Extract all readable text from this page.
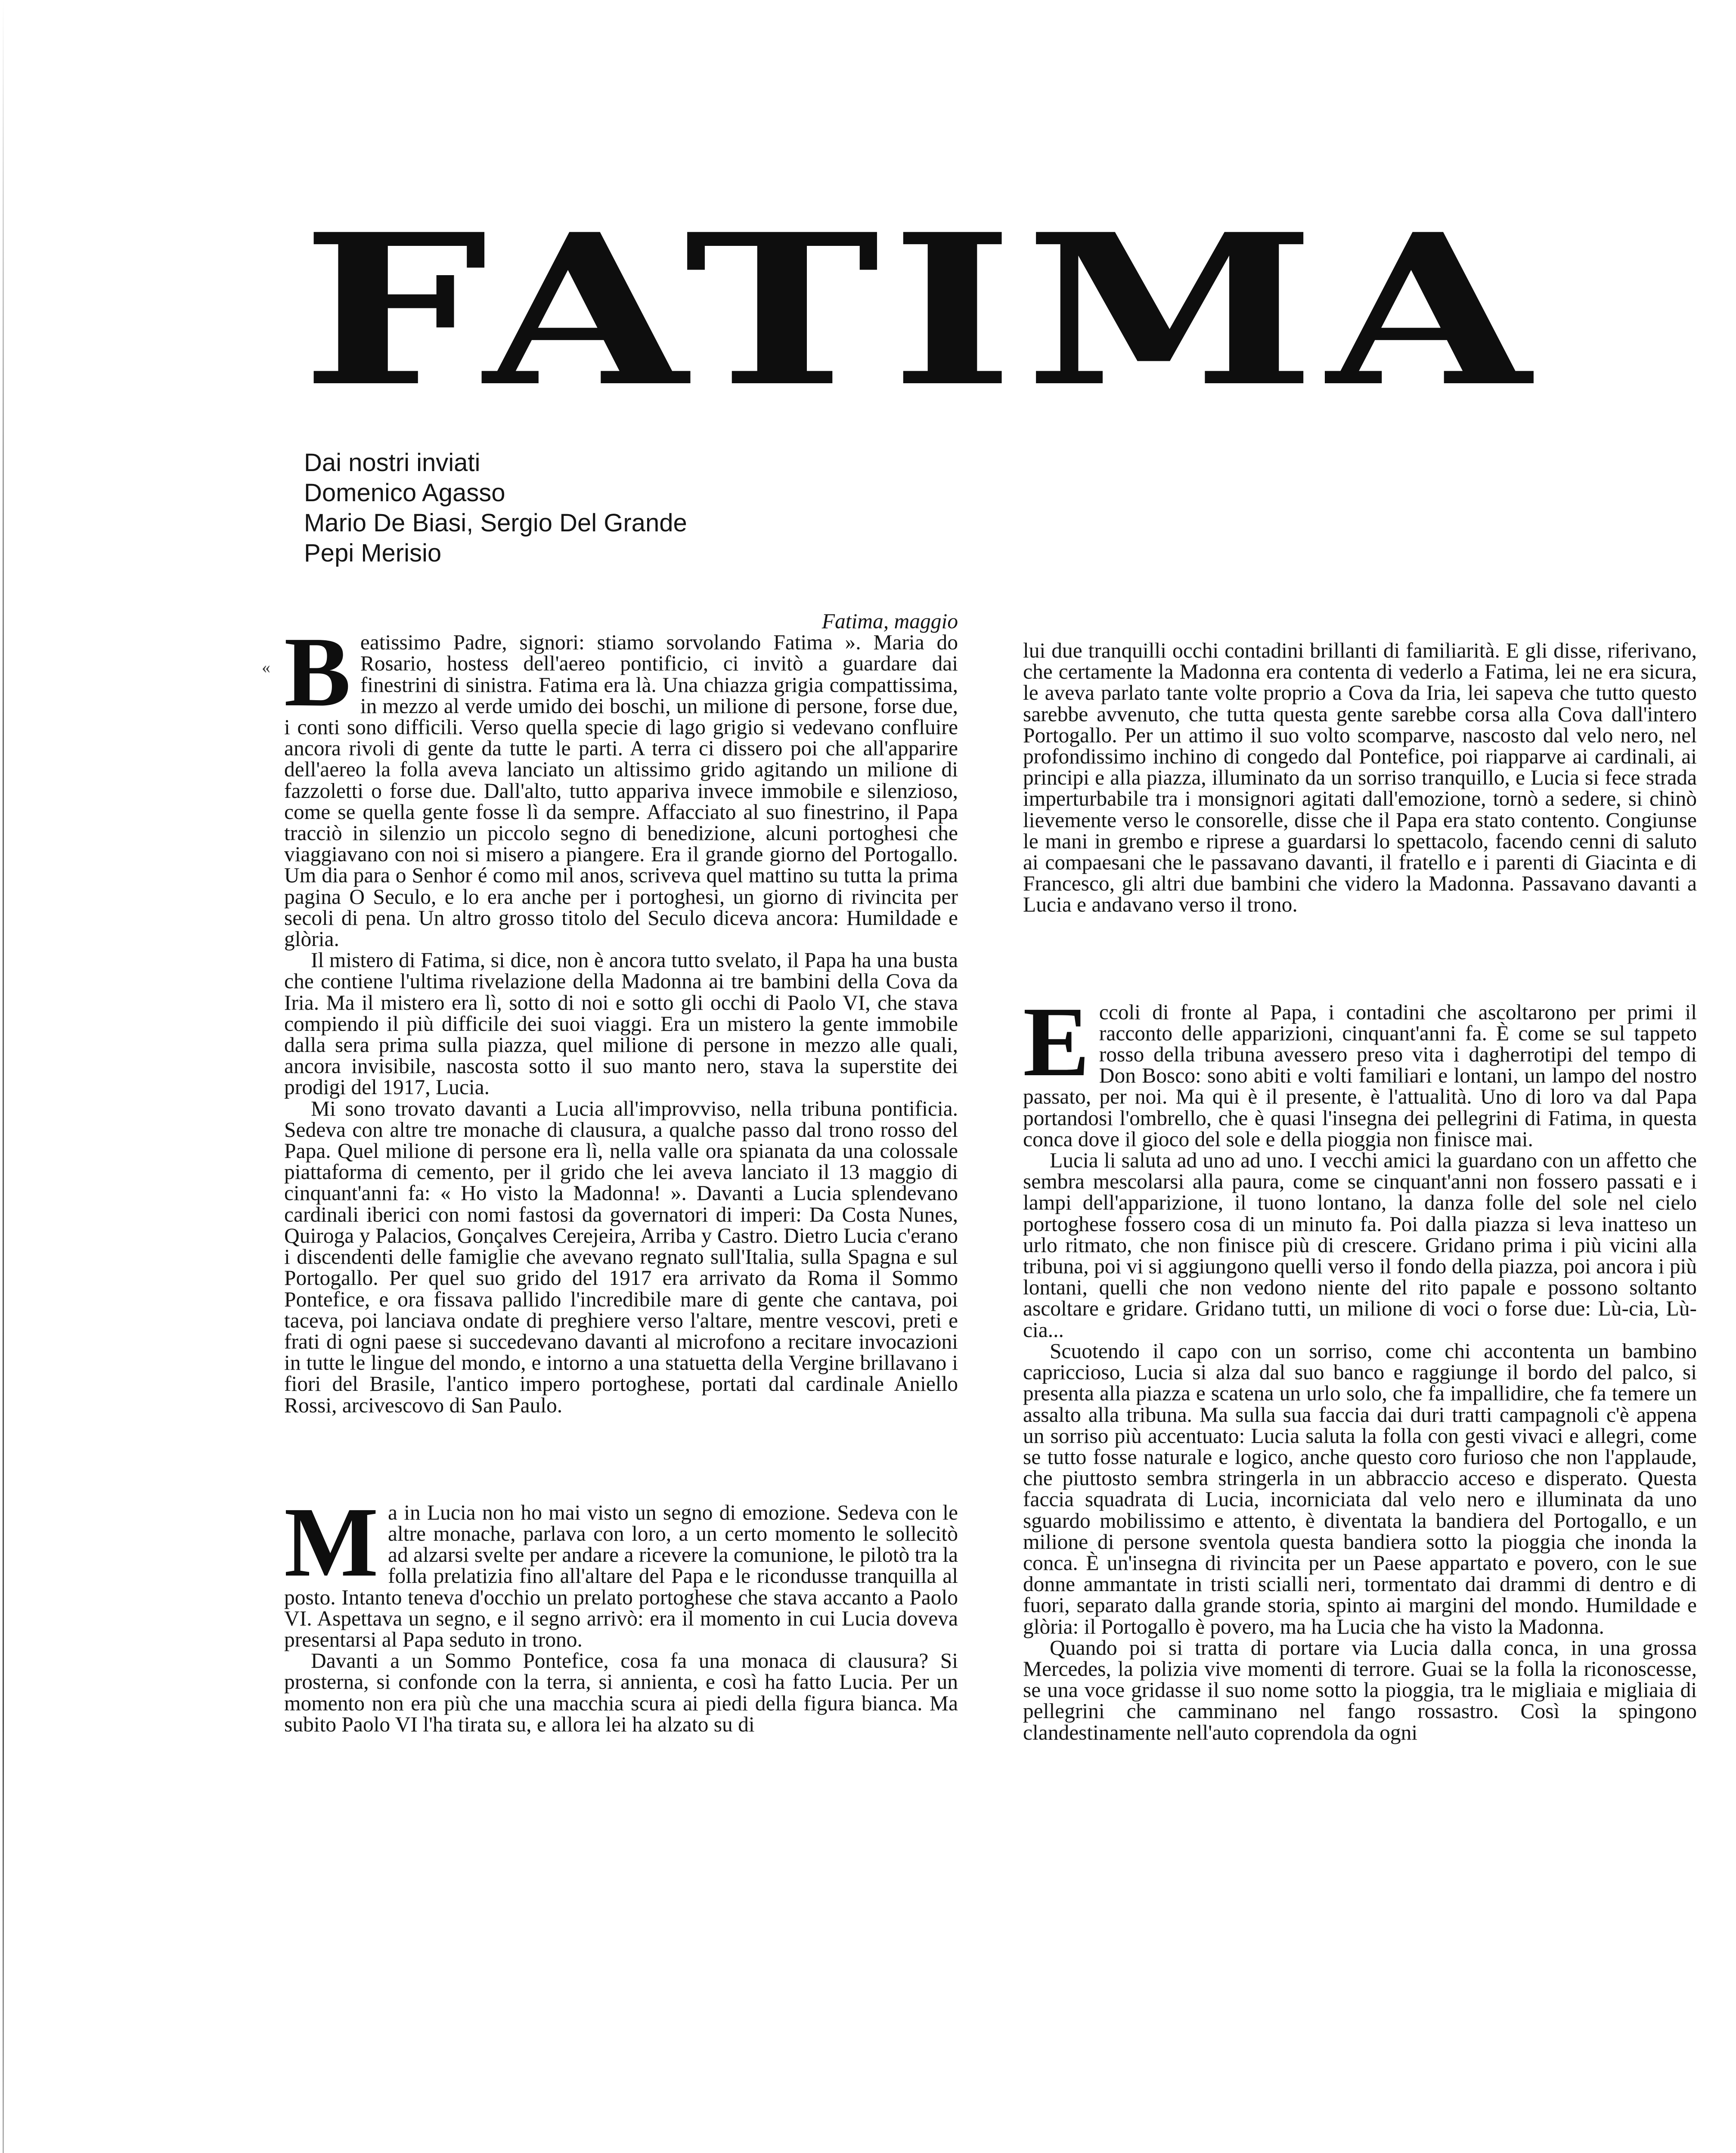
FATIMA
Dai nostri inviati
Domenico Agasso
Mario De Biasi, Sergio Del Grande
Pepi Merisio

Fatima, maggio

« B eatissimo Padre, signori: stiamo sorvolando Fatima ». Maria do Rosario, hostess dell'aereo pontificio, ci invitò a guardare dai finestrini di sinistra. Fatima era là. Una chiazza grigia compattissima, in mezzo al verde umido dei boschi, un milione di persone, forse due, i conti sono difficili. Verso quella specie di lago grigio si vedevano confluire ancora rivoli di gente da tutte le parti. A terra ci dissero poi che all'apparire dell'aereo la folla aveva lanciato un altissimo grido agitando un milione di fazzoletti o forse due. Dall'alto, tutto appariva invece immobile e silenzioso, come se quella gente fosse lì da sempre. Affacciato al suo finestrino, il Papa tracciò in silenzio un piccolo segno di benedizione, alcuni portoghesi che viaggiavano con noi si misero a piangere. Era il grande giorno del Portogallo. Um dia para o Senhor é como mil anos, scriveva quel mattino su tutta la prima pagina O Seculo, e lo era anche per i portoghesi, un giorno di rivincita per secoli di pena. Un altro grosso titolo del Seculo diceva ancora: Humildade e glòria.

Il mistero di Fatima, si dice, non è ancora tutto svelato, il Papa ha una busta che contiene l'ultima rivelazione della Madonna ai tre bambini della Cova da Iria. Ma il mistero era lì, sotto di noi e sotto gli occhi di Paolo VI, che stava compiendo il più difficile dei suoi viaggi. Era un mistero la gente immobile dalla sera prima sulla piazza, quel milione di persone in mezzo alle quali, ancora invisibile, nascosta sotto il suo manto nero, stava la superstite dei prodigi del 1917, Lucia.

Mi sono trovato davanti a Lucia all'improvviso, nella tribuna pontificia. Sedeva con altre tre monache di clausura, a qualche passo dal trono rosso del Papa. Quel milione di persone era lì, nella valle ora spianata da una colossale piattaforma di cemento, per il grido che lei aveva lanciato il 13 maggio di cinquant'anni fa: « Ho visto la Madonna! ». Davanti a Lucia splendevano cardinali iberici con nomi fastosi da governatori di imperi: Da Costa Nunes, Quiroga y Palacios, Gonçalves Cerejeira, Arriba y Castro. Dietro Lucia c'erano i discendenti delle famiglie che avevano regnato sull'Italia, sulla Spagna e sul Portogallo. Per quel suo grido del 1917 era arrivato da Roma il Sommo Pontefice, e ora fissava pallido l'incredibile mare di gente che cantava, poi taceva, poi lanciava ondate di preghiere verso l'altare, mentre vescovi, preti e frati di ogni paese si succedevano davanti al microfono a recitare invocazioni in tutte le lingue del mondo, e intorno a una statuetta della Vergine brillavano i fiori del Brasile, l'antico impero portoghese, portati dal cardinale Aniello Rossi, arcivescovo di San Paulo.

M a in Lucia non ho mai visto un segno di emozione. Sedeva con le altre monache, parlava con loro, a un certo momento le sollecitò ad alzarsi svelte per andare a ricevere la comunione, le pilotò tra la folla prelatizia fino all'altare del Papa e le ricondusse tranquilla al posto. Intanto teneva d'occhio un prelato portoghese che stava accanto a Paolo VI. Aspettava un segno, e il segno arrivò: era il momento in cui Lucia doveva presentarsi al Papa seduto in trono.

Davanti a un Sommo Pontefice, cosa fa una monaca di clausura? Si prosterna, si confonde con la terra, si annienta, e così ha fatto Lucia. Per un momento non era più che una macchia scura ai piedi della figura bianca. Ma subito Paolo VI l'ha tirata su, e allora lei ha alzato su di

lui due tranquilli occhi contadini brillanti di familiarità. E gli disse, riferivano, che certamente la Madonna era contenta di vederlo a Fatima, lei ne era sicura, le aveva parlato tante volte proprio a Cova da Iria, lei sapeva che tutto questo sarebbe avvenuto, che tutta questa gente sarebbe corsa alla Cova dall'intero Portogallo. Per un attimo il suo volto scomparve, nascosto dal velo nero, nel profondissimo inchino di congedo dal Pontefice, poi riapparve ai cardinali, ai principi e alla piazza, illuminato da un sorriso tranquillo, e Lucia si fece strada imperturbabile tra i monsignori agitati dall'emozione, tornò a sedere, si chinò lievemente verso le consorelle, disse che il Papa era stato contento. Congiunse le mani in grembo e riprese a guardarsi lo spettacolo, facendo cenni di saluto ai compaesani che le passavano davanti, il fratello e i parenti di Giacinta e di Francesco, gli altri due bambini che videro la Madonna. Passavano davanti a Lucia e andavano verso il trono.

E ccoli di fronte al Papa, i contadini che ascoltarono per primi il racconto delle apparizioni, cinquant'anni fa. È come se sul tappeto rosso della tribuna avessero preso vita i dagherrotipi del tempo di Don Bosco: sono abiti e volti familiari e lontani, un lampo del nostro passato, per noi. Ma qui è il presente, è l'attualità. Uno di loro va dal Papa portandosi l'ombrello, che è quasi l'insegna dei pellegrini di Fatima, in questa conca dove il gioco del sole e della pioggia non finisce mai.

Lucia li saluta ad uno ad uno. I vecchi amici la guardano con un affetto che sembra mescolarsi alla paura, come se cinquant'anni non fossero passati e i lampi dell'apparizione, il tuono lontano, la danza folle del sole nel cielo portoghese fossero cosa di un minuto fa. Poi dalla piazza si leva inatteso un urlo ritmato, che non finisce più di crescere. Gridano prima i più vicini alla tribuna, poi vi si aggiungono quelli verso il fondo della piazza, poi ancora i più lontani, quelli che non vedono niente del rito papale e possono soltanto ascoltare e gridare. Gridano tutti, un milione di voci o forse due: Lù-cia, Lù-cia...

Scuotendo il capo con un sorriso, come chi accontenta un bambino capriccioso, Lucia si alza dal suo banco e raggiunge il bordo del palco, si presenta alla piazza e scatena un urlo solo, che fa impallidire, che fa temere un assalto alla tribuna. Ma sulla sua faccia dai duri tratti campagnoli c'è appena un sorriso più accentuato: Lucia saluta la folla con gesti vivaci e allegri, come se tutto fosse naturale e logico, anche questo coro furioso che non l'applaude, che piuttosto sembra stringerla in un abbraccio acceso e disperato. Questa faccia squadrata di Lucia, incorniciata dal velo nero e illuminata da uno sguardo mobilissimo e attento, è diventata la bandiera del Portogallo, e un milione di persone sventola questa bandiera sotto la pioggia che inonda la conca. È un'insegna di rivincita per un Paese appartato e povero, con le sue donne ammantate in tristi scialli neri, tormentato dai drammi di dentro e di fuori, separato dalla grande storia, spinto ai margini del mondo. Humildade e glòria: il Portogallo è povero, ma ha Lucia che ha visto la Madonna.

Quando poi si tratta di portare via Lucia dalla conca, in una grossa Mercedes, la polizia vive momenti di terrore. Guai se la folla la riconoscesse, se una voce gridasse il suo nome sotto la pioggia, tra le migliaia e migliaia di pellegrini che camminano nel fango rossastro. Così la spingono clandestinamente nell'auto coprendola da ogni
